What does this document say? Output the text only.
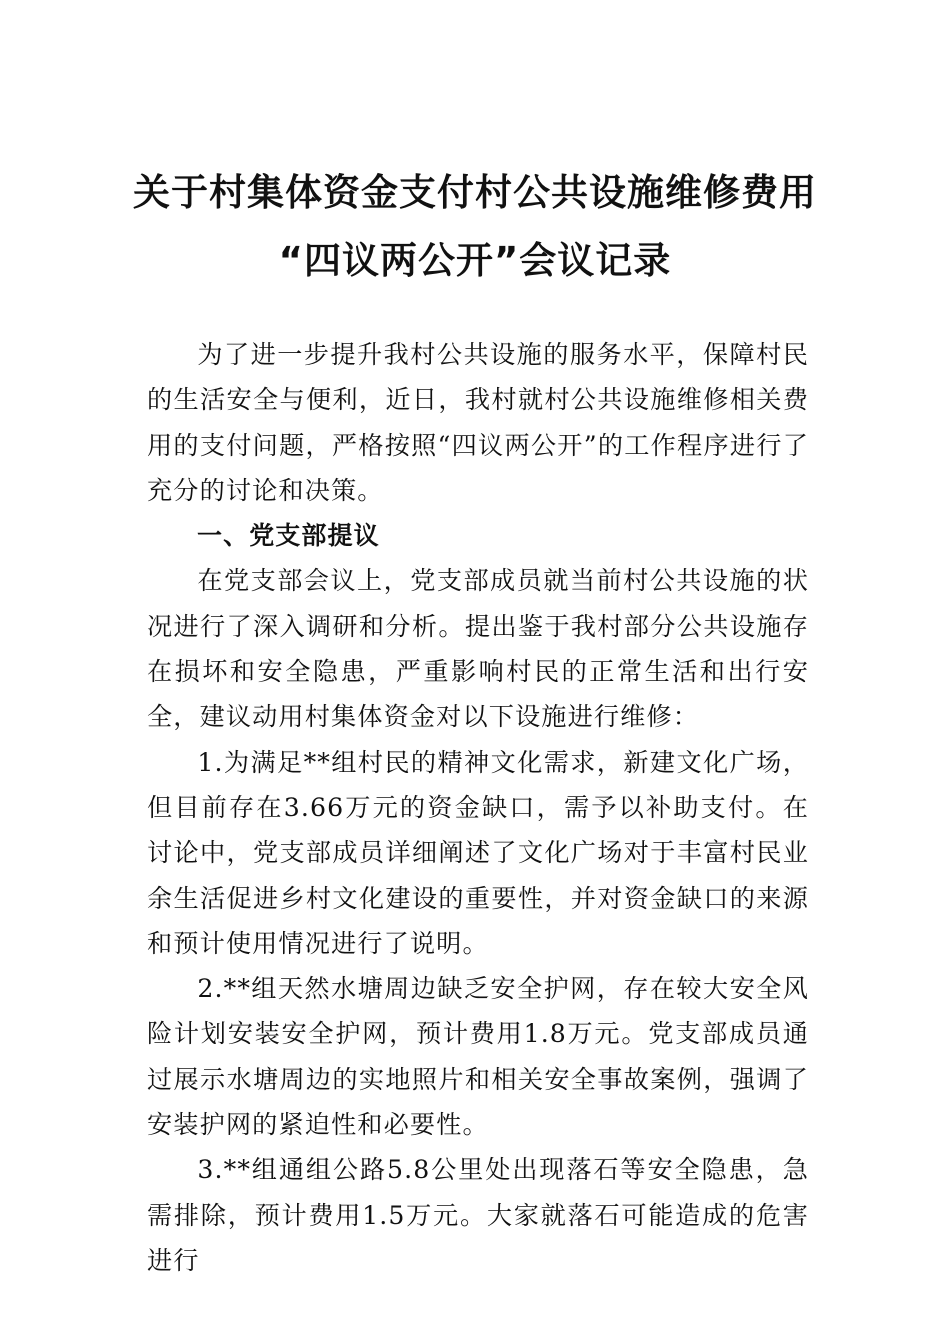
关于村集体资金支付村公共设施维修费用
“四议两公开”会议记录

为了进一步提升我村公共设施的服务水平，保障村民的生活安全与便利，近日，我村就村公共设施维修相关费用的支付问题，严格按照“四议两公开”的工作程序进行了充分的讨论和决策。

一、党支部提议

在党支部会议上，党支部成员就当前村公共设施的状况进行了深入调研和分析。提出鉴于我村部分公共设施存在损坏和安全隐患，严重影响村民的正常生活和出行安全，建议动用村集体资金对以下设施进行维修：

1.为满足**组村民的精神文化需求，新建文化广场，但目前存在3.66万元的资金缺口，需予以补助支付。在讨论中，党支部成员详细阐述了文化广场对于丰富村民业余生活促进乡村文化建设的重要性，并对资金缺口的来源和预计使用情况进行了说明。

2.**组天然水塘周边缺乏安全护网，存在较大安全风险计划安装安全护网，预计费用1.8万元。党支部成员通过展示水塘周边的实地照片和相关安全事故案例，强调了安装护网的紧迫性和必要性。

3.**组通组公路5.8公里处出现落石等安全隐患，急需排除，预计费用1.5万元。大家就落石可能造成的危害进行
